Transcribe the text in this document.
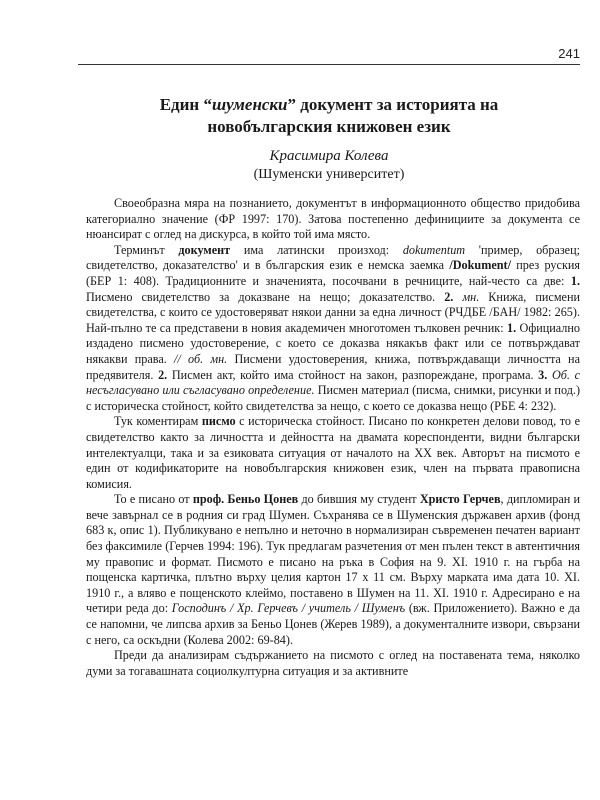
241
Един “шуменски” документ за историята на
новобългарския книжовен език
Красимира Колева
(Шуменски университет)

Своеобразна мяра на познанието, документът в информационното общество придобива категориално значение (ФР 1997: 170). Затова постепенно дефинициите за документа се нюансират с оглед на дискурса, в който той има място.

Терминът документ има латински произход: dokumentum 'пример, образец; свидетелство, доказателство' и в българския език е немска заемка /Dokument/ през руския (БЕР 1: 408). Традиционните и значенията, посочвани в речниците, най-често са две: 1. Писмено свидетелство за доказване на нещо; доказателство. 2. мн. Книжа, писмени свидетелства, с които се удостоверяват някои данни за една личност (РЧДБЕ /БАН/ 1982: 265). Най-пълно те са представени в новия академичен многотомен тълковен речник: 1. Официално издадено писмено удостоверение, с което се доказва някакъв факт или се потвърждават някакви права. // об. мн. Писмени удостоверения, книжа, потвърждаващи личността на предявителя. 2. Писмен акт, който има стойност на закон, разпореждане, програма. 3. Об. с несъгласувано или съгласувано определение. Писмен материал (писма, снимки, рисунки и под.) с историческа стойност, който свидетелства за нещо, с което се доказва нещо (РБЕ 4: 232).

Тук коментирам писмо с историческа стойност. Писано по конкретен делови повод, то е свидетелство както за личността и дейността на двамата кореспонденти, видни български интелектуалци, така и за езиковата ситуация от началото на ХХ век. Авторът на писмото е един от кодификаторите на новобългарския книжовен език, член на първата правописна комисия.

То е писано от проф. Беньо Цонев до бившия му студент Христо Герчев, дипломиран и вече завърнал се в родния си град Шумен. Съхранява се в Шуменския държавен архив (фонд 683 к, опис 1). Публикувано е непълно и неточно в нормализиран съвременен печатен вариант без факсимиле (Герчев 1994: 196). Тук предлагам разчетения от мен пълен текст в автентичния му правопис и формат. Писмото е писано на ръка в София на 9. XI. 1910 г. на гърба на пощенска картичка, плътно върху целия картон 17 х 11 см. Върху марката има дата 10. XI. 1910 г., а вляво е пощенското клеймо, поставено в Шумен на 11. XI. 1910 г. Адресирано е на четири реда до: Господинъ / Хр. Герчевъ / учитель / Шуменъ (вж. Приложението). Важно е да се напомни, че липсва архив за Беньо Цонев (Жерев 1989), а документалните извори, свързани с него, са оскъдни (Колева 2002: 69-84).

Преди да анализирам съдържанието на писмото с оглед на поставената тема, няколко думи за тогавашната социолкултурна ситуация и за активните
